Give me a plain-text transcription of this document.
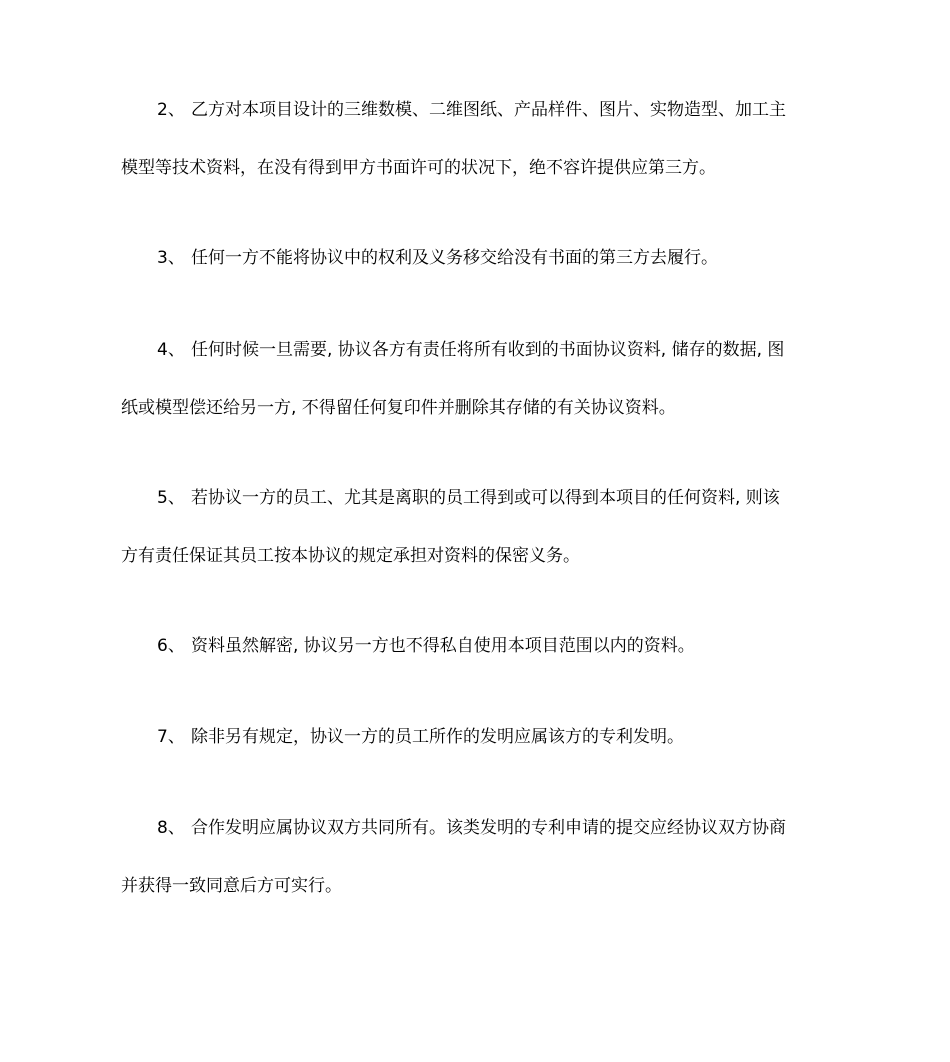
2、 乙方对本项目设计的三维数模、二维图纸、产品样件、图片、实物造型、加工主
模型等技术资料，在没有得到甲方书面许可的状况下，绝不容许提供应第三方。
3、 任何一方不能将协议中的权利及义务移交给没有书面的第三方去履行。
4、 任何时候一旦需要, 协议各方有责任将所有收到的书面协议资料, 储存的数据, 图
纸或模型偿还给另一方, 不得留任何复印件并删除其存储的有关协议资料。
5、 若协议一方的员工、尤其是离职的员工得到或可以得到本项目的任何资料, 则该
方有责任保证其员工按本协议的规定承担对资料的保密义务。
6、 资料虽然解密, 协议另一方也不得私自使用本项目范围以内的资料。
7、 除非另有规定，协议一方的员工所作的发明应属该方的专利发明。
8、 合作发明应属协议双方共同所有。该类发明的专利申请的提交应经协议双方协商
并获得一致同意后方可实行。
